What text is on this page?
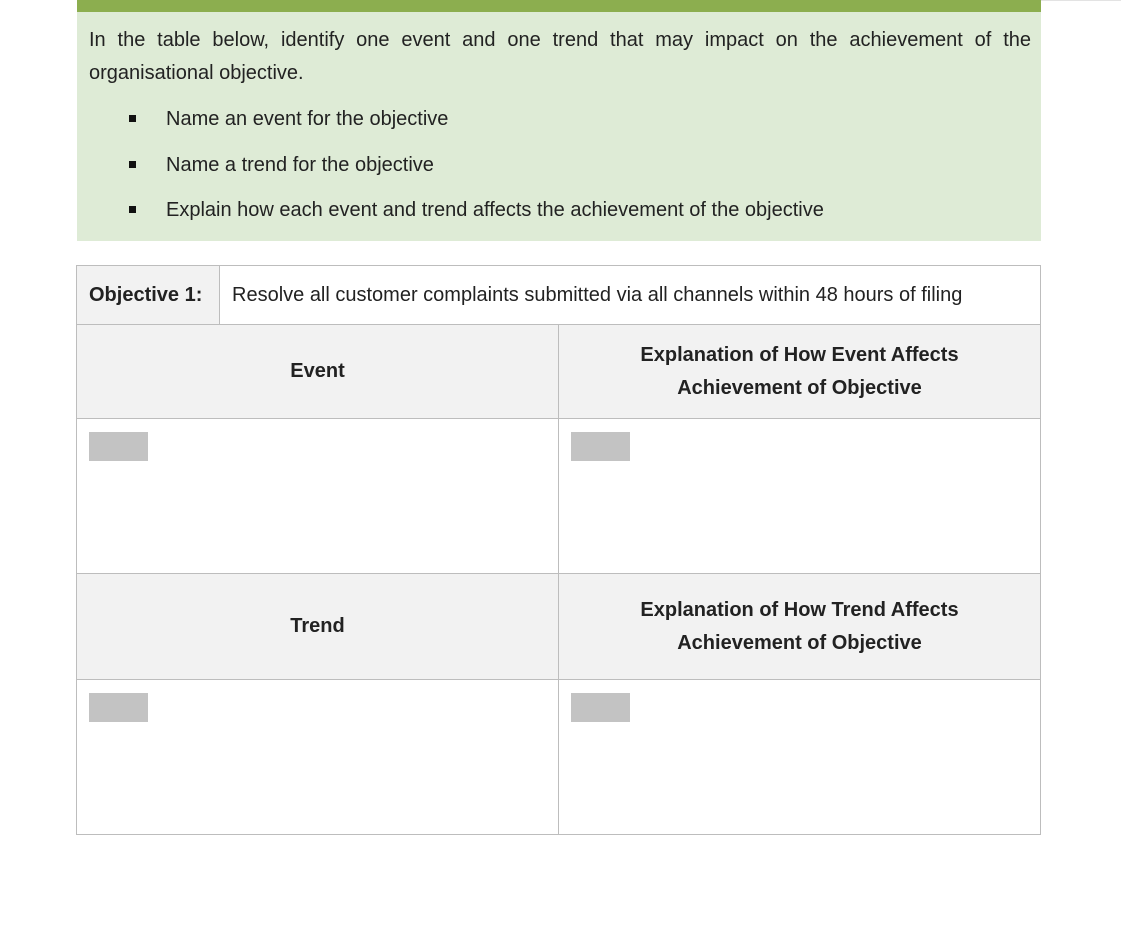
In the table below, identify one event and one trend that may impact on the achievement of the organisational objective.

Name an event for the objective
Name a trend for the objective
Explain how each event and trend affects the achievement of the objective
Objective 1:	Resolve all customer complaints submitted via all channels within 48 hours of filing
Event
Explanation of How Event Affects Achievement of Objective
Trend
Explanation of How Trend Affects Achievement of Objective
